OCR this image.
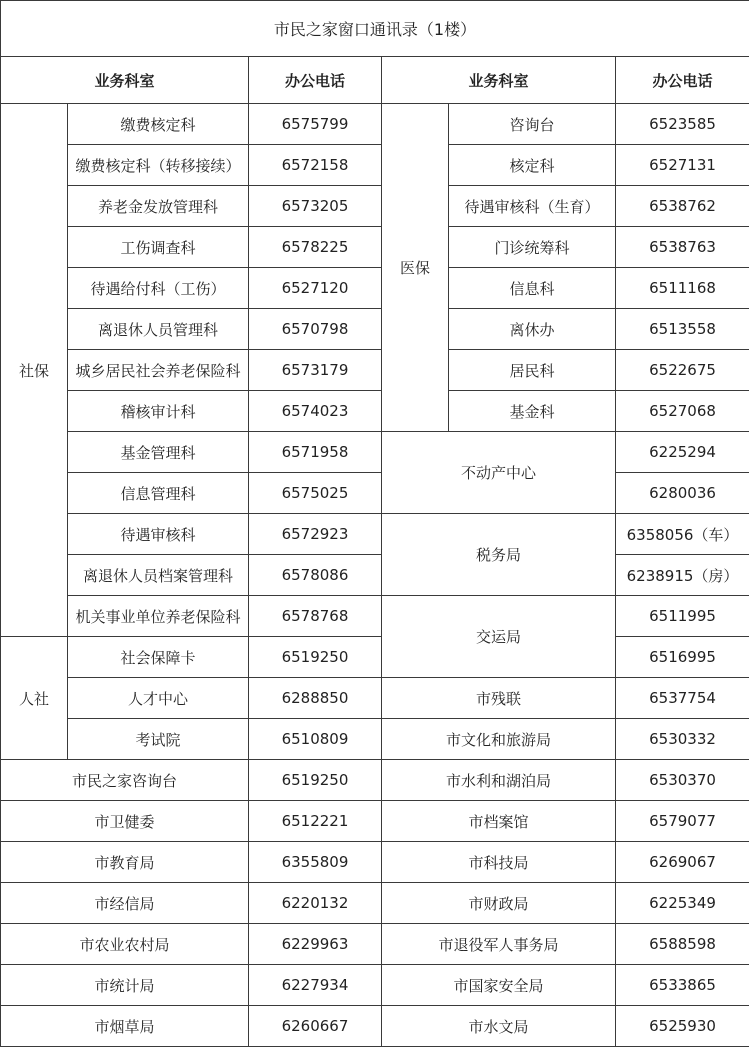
市民之家窗口通讯录（1楼）					
业务科室		办公电话	业务科室		办公电话
社保	缴费核定科	6575799	医保	咨询台	6523585
	缴费核定科（转移接续）	6572158		核定科	6527131
	养老金发放管理科	6573205		待遇审核科（生育）	6538762
	工伤调查科	6578225		门诊统筹科	6538763
	待遇给付科（工伤）	6527120		信息科	6511168
	离退休人员管理科	6570798		离休办	6513558
	城乡居民社会养老保险科	6573179		居民科	6522675
	稽核审计科	6574023		基金科	6527068
	基金管理科	6571958	不动产中心		6225294
	信息管理科	6575025			6280036
	待遇审核科	6572923	税务局		6358056（车）
	离退休人员档案管理科	6578086			6238915（房）
	机关事业单位养老保险科	6578768	交运局		6511995
人社	社会保障卡	6519250			6516995
	人才中心	6288850	市残联		6537754
	考试院	6510809	市文化和旅游局		6530332
市民之家咨询台		6519250	市水利和湖泊局		6530370
市卫健委		6512221	市档案馆		6579077
市教育局		6355809	市科技局		6269067
市经信局		6220132	市财政局		6225349
市农业农村局		6229963	市退役军人事务局		6588598
市统计局		6227934	市国家安全局		6533865
市烟草局		6260667	市水文局		6525930
